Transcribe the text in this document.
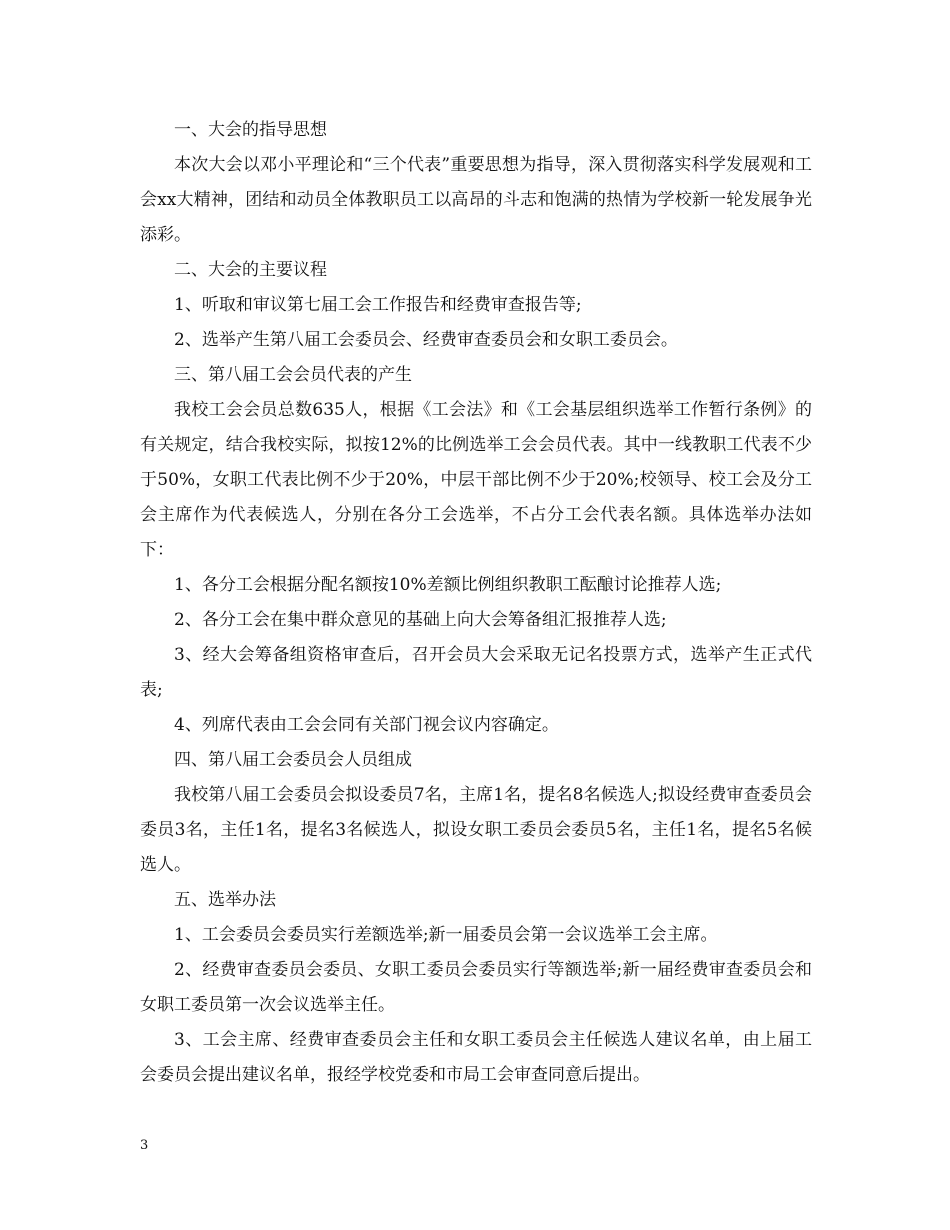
一、大会的指导思想

本次大会以邓小平理论和“三个代表”重要思想为指导，深入贯彻落实科学发展观和工会xx大精神，团结和动员全体教职员工以高昂的斗志和饱满的热情为学校新一轮发展争光添彩。

二、大会的主要议程

1、听取和审议第七届工会工作报告和经费审查报告等;

2、选举产生第八届工会委员会、经费审查委员会和女职工委员会。

三、第八届工会会员代表的产生

我校工会会员总数635人，根据《工会法》和《工会基层组织选举工作暂行条例》的有关规定，结合我校实际，拟按12%的比例选举工会会员代表。其中一线教职工代表不少于50%，女职工代表比例不少于20%，中层干部比例不少于20%;校领导、校工会及分工会主席作为代表候选人，分别在各分工会选举，不占分工会代表名额。具体选举办法如下：

1、各分工会根据分配名额按10%差额比例组织教职工酝酿讨论推荐人选;

2、各分工会在集中群众意见的基础上向大会筹备组汇报推荐人选;

3、经大会筹备组资格审查后，召开会员大会采取无记名投票方式，选举产生正式代表;

4、列席代表由工会会同有关部门视会议内容确定。

四、第八届工会委员会人员组成

我校第八届工会委员会拟设委员7名，主席1名，提名8名候选人;拟设经费审查委员会委员3名，主任1名，提名3名候选人，拟设女职工委员会委员5名，主任1名，提名5名候选人。

五、选举办法

1、工会委员会委员实行差额选举;新一届委员会第一会议选举工会主席。

2、经费审查委员会委员、女职工委员会委员实行等额选举;新一届经费审查委员会和女职工委员第一次会议选举主任。

3、工会主席、经费审查委员会主任和女职工委员会主任候选人建议名单，由上届工会委员会提出建议名单，报经学校党委和市局工会审查同意后提出。

3
